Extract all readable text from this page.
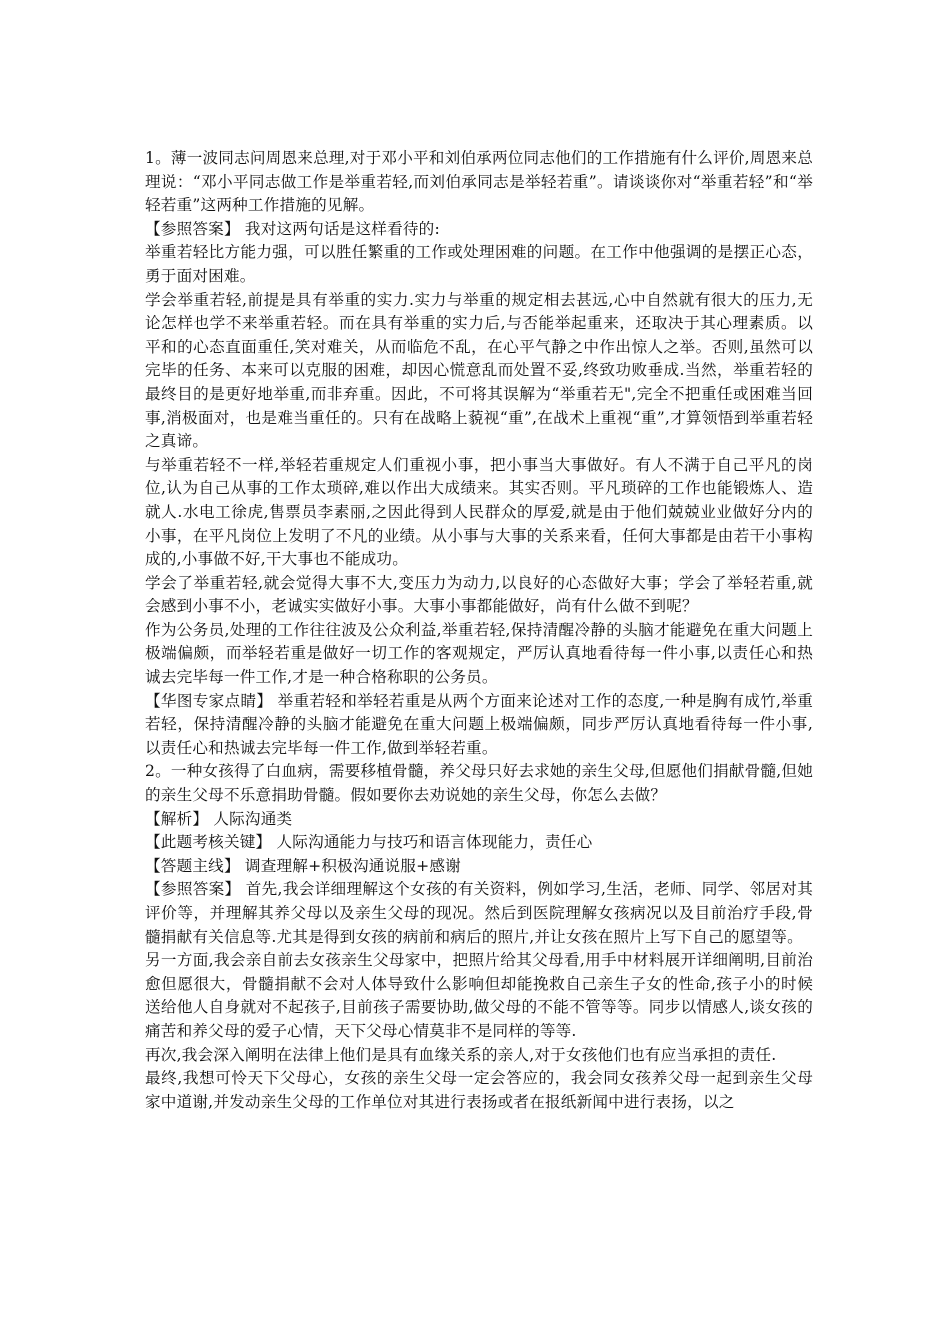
1。薄一波同志问周恩来总理,对于邓小平和刘伯承两位同志他们的工作措施有什么评价,周恩来总理说：“邓小平同志做工作是举重若轻,而刘伯承同志是举轻若重”。请谈谈你对“举重若轻”和“举轻若重”这两种工作措施的见解。

【参照答案】 我对这两句话是这样看待的:

举重若轻比方能力强，可以胜任繁重的工作或处理困难的问题。在工作中他强调的是摆正心态，勇于面对困难。

学会举重若轻,前提是具有举重的实力.实力与举重的规定相去甚远,心中自然就有很大的压力,无论怎样也学不来举重若轻。而在具有举重的实力后,与否能举起重来，还取决于其心理素质。以平和的心态直面重任,笑对难关，从而临危不乱，在心平气静之中作出惊人之举。否则,虽然可以完毕的任务、本来可以克服的困难，却因心慌意乱而处置不妥,终致功败垂成.当然，举重若轻的最终目的是更好地举重,而非弃重。因此，不可将其误解为“举重若无",完全不把重任或困难当回事,消极面对，也是难当重任的。只有在战略上藐视“重”,在战术上重视“重”,才算领悟到举重若轻之真谛。

与举重若轻不一样,举轻若重规定人们重视小事，把小事当大事做好。有人不满于自己平凡的岗位,认为自己从事的工作太琐碎,难以作出大成绩来。其实否则。平凡琐碎的工作也能锻炼人、造就人.水电工徐虎,售票员李素丽,之因此得到人民群众的厚爱,就是由于他们兢兢业业做好分内的小事，在平凡岗位上发明了不凡的业绩。从小事与大事的关系来看，任何大事都是由若干小事构成的,小事做不好,干大事也不能成功。

学会了举重若轻,就会觉得大事不大,变压力为动力,以良好的心态做好大事；学会了举轻若重,就会感到小事不小，老诚实实做好小事。大事小事都能做好，尚有什么做不到呢？

作为公务员,处理的工作往往波及公众利益,举重若轻,保持清醒冷静的头脑才能避免在重大问题上极端偏颇，而举轻若重是做好一切工作的客观规定，严厉认真地看待每一件小事,以责任心和热诚去完毕每一件工作,才是一种合格称职的公务员。

【华图专家点睛】 举重若轻和举轻若重是从两个方面来论述对工作的态度,一种是胸有成竹,举重若轻，保持清醒冷静的头脑才能避免在重大问题上极端偏颇，同步严厉认真地看待每一件小事,以责任心和热诚去完毕每一件工作,做到举轻若重。

2。一种女孩得了白血病，需要移植骨髓，养父母只好去求她的亲生父母,但愿他们捐献骨髓,但她的亲生父母不乐意捐助骨髓。假如要你去劝说她的亲生父母，你怎么去做？

【解析】 人际沟通类

【此题考核关键】 人际沟通能力与技巧和语言体现能力，责任心

【答题主线】 调查理解+积极沟通说服+感谢

【参照答案】 首先,我会详细理解这个女孩的有关资料，例如学习,生活，老师、同学、邻居对其评价等，并理解其养父母以及亲生父母的现况。然后到医院理解女孩病况以及目前治疗手段,骨髓捐献有关信息等.尤其是得到女孩的病前和病后的照片,并让女孩在照片上写下自己的愿望等。

另一方面,我会亲自前去女孩亲生父母家中，把照片给其父母看,用手中材料展开详细阐明,目前治愈但愿很大，骨髓捐献不会对人体导致什么影响但却能挽救自己亲生子女的性命,孩子小的时候送给他人自身就对不起孩子,目前孩子需要协助,做父母的不能不管等等。同步以情感人,谈女孩的痛苦和养父母的爱子心情，天下父母心情莫非不是同样的等等.

再次,我会深入阐明在法律上他们是具有血缘关系的亲人,对于女孩他们也有应当承担的责任.

最终,我想可怜天下父母心，女孩的亲生父母一定会答应的，我会同女孩养父母一起到亲生父母家中道谢,并发动亲生父母的工作单位对其进行表扬或者在报纸新闻中进行表扬，以之
